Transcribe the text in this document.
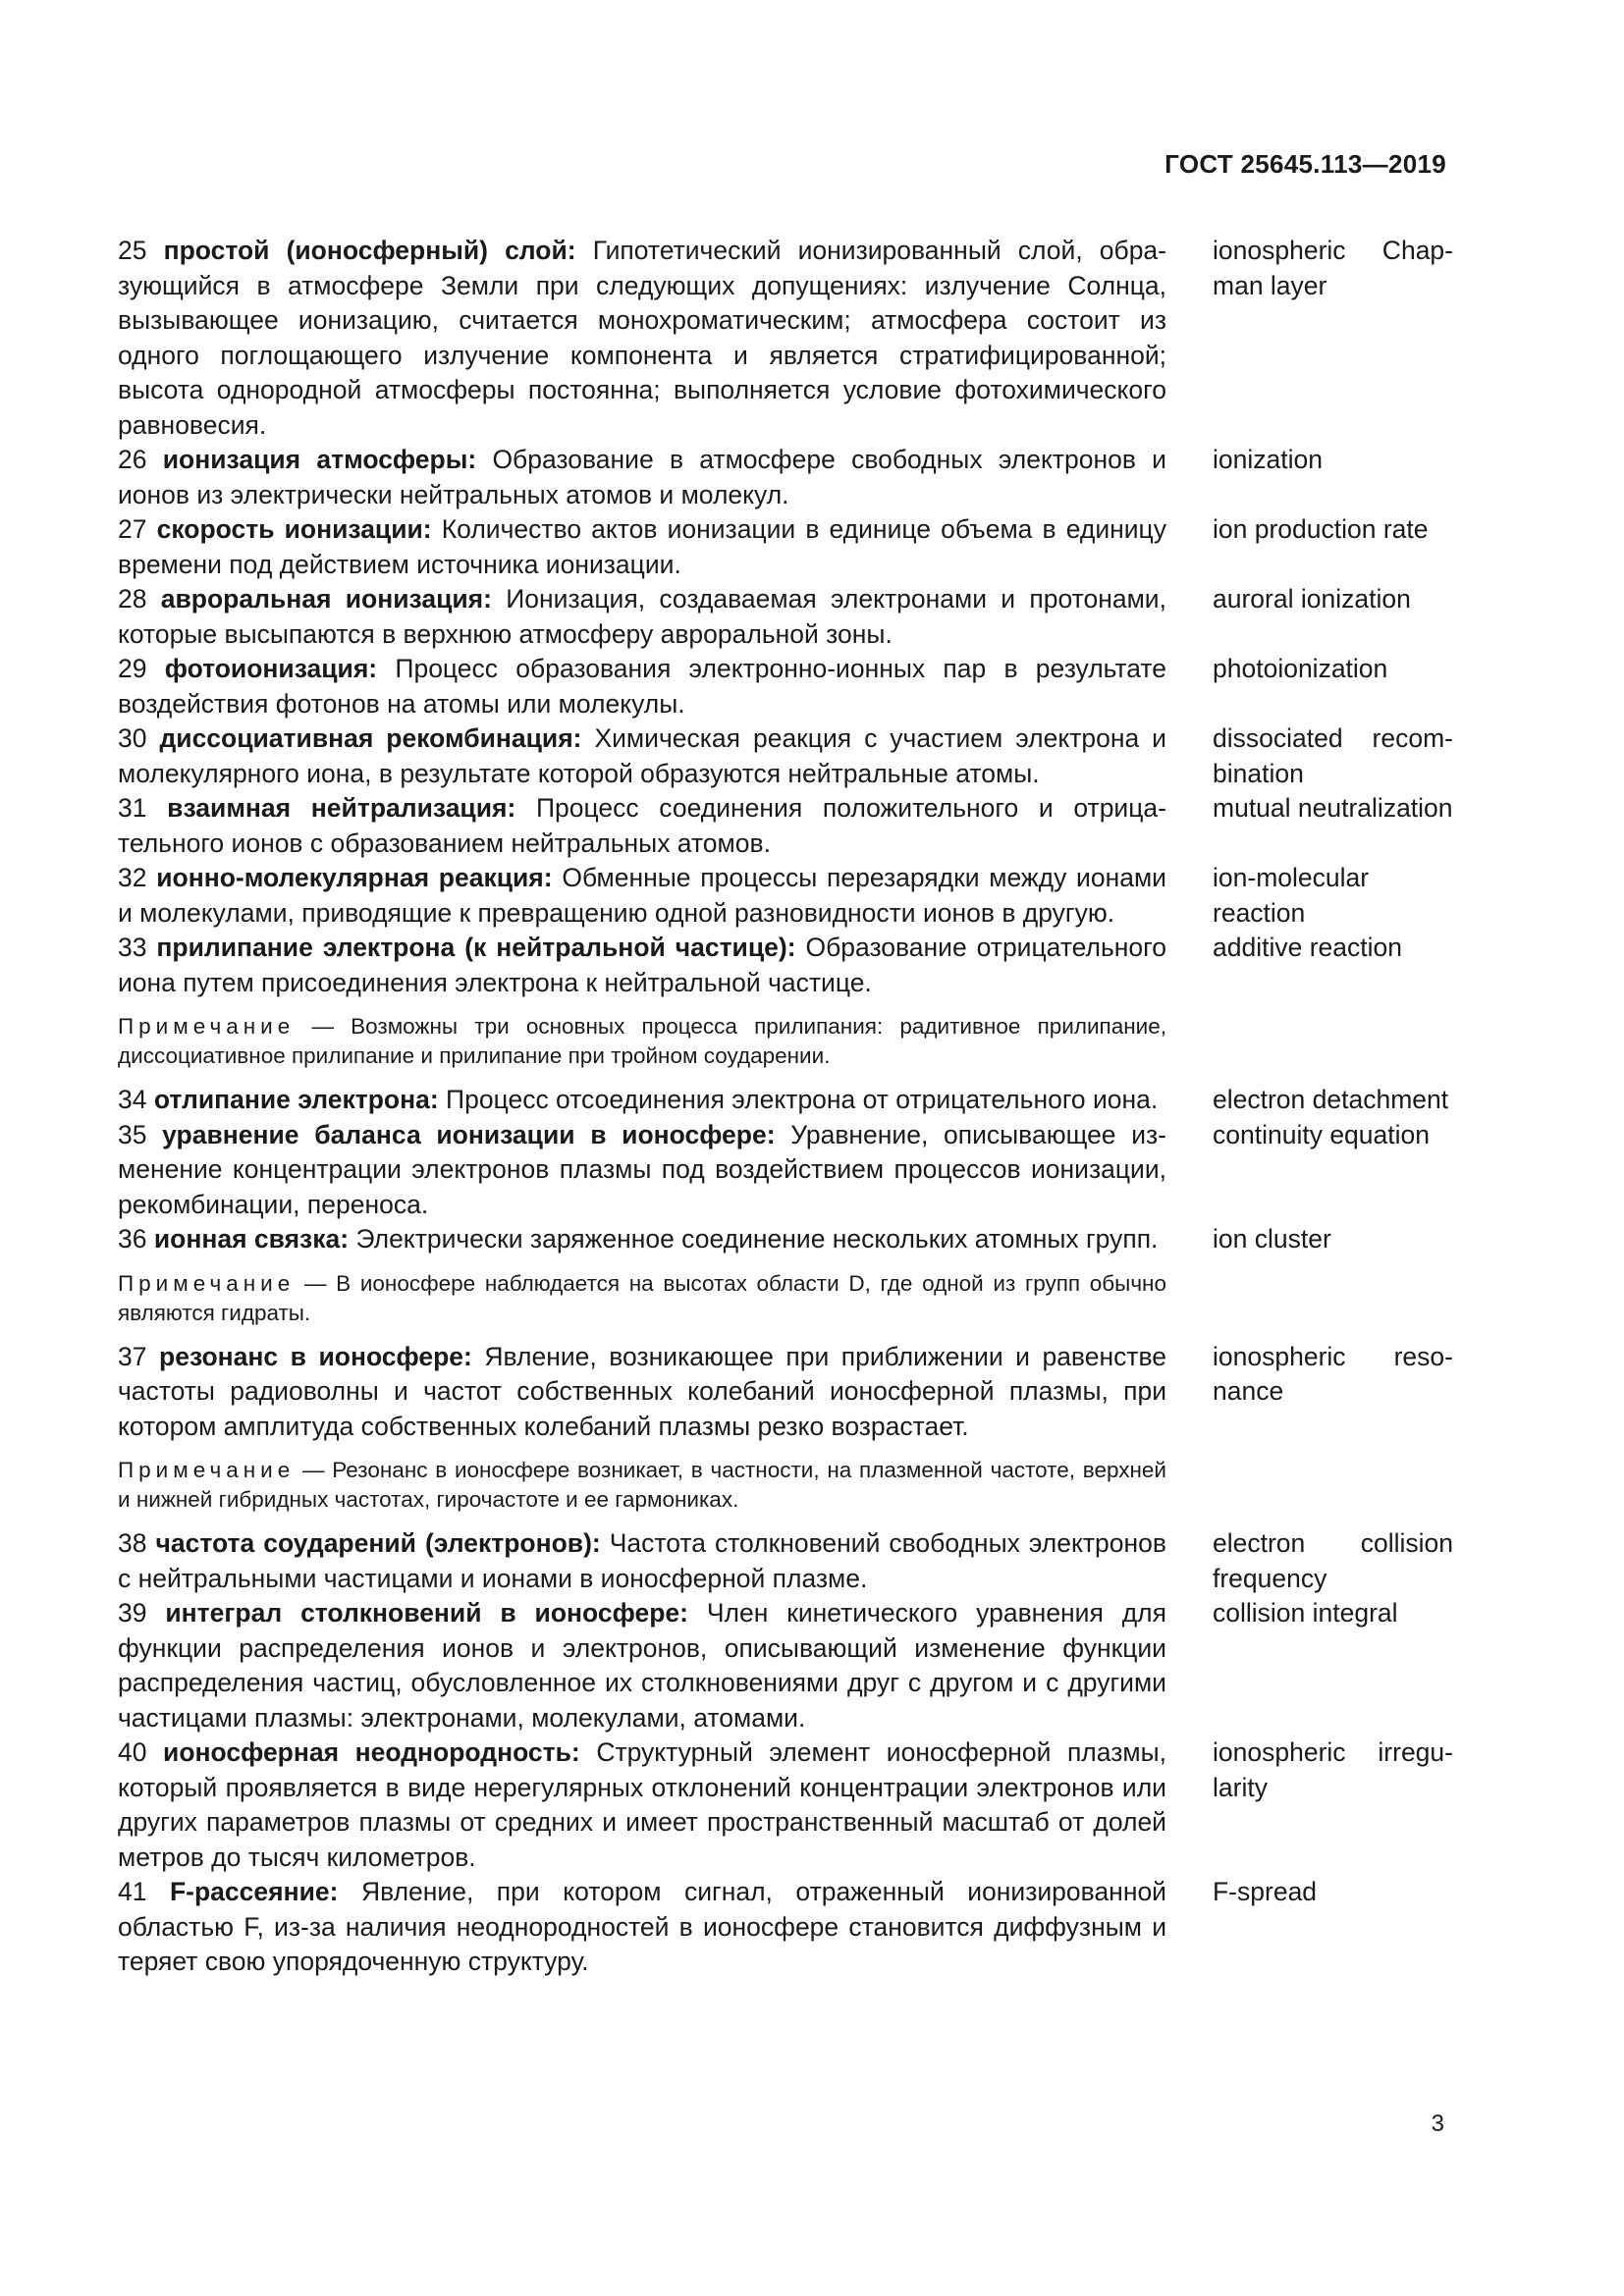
ГОСТ 25645.113—2019
25 простой (ионосферный) слой: Гипотетический ионизированный слой, образующийся в атмосфере Земли при следующих допущениях: излучение Солнца, вызывающее ионизацию, считается монохроматическим; атмосфера состоит из одного поглощающего излучение компонента и является стратифицированной; высота однородной атмосферы постоянна; выполняется условие фотохимического равновесия.
ionospheric Chapman layer
26 ионизация атмосферы: Образование в атмосфере свободных электронов и ионов из электрически нейтральных атомов и молекул.
ionization
27 скорость ионизации: Количество актов ионизации в единице объема в единицу времени под действием источника ионизации.
ion production rate
28 авроральная ионизация: Ионизация, создаваемая электронами и протонами, которые высыпаются в верхнюю атмосферу авроральной зоны.
auroral ionization
29 фотоионизация: Процесс образования электронно-ионных пар в результате воздействия фотонов на атомы или молекулы.
photoionization
30 диссоциативная рекомбинация: Химическая реакция с участием электрона и молекулярного иона, в результате которой образуются нейтральные атомы.
dissociated recombination
31 взаимная нейтрализация: Процесс соединения положительного и отрицательного ионов с образованием нейтральных атомов.
mutual neutralization
32 ионно-молекулярная реакция: Обменные процессы перезарядки между ионами и молекулами, приводящие к превращению одной разновидности ионов в другую.
ion-molecular reaction
33 прилипание электрона (к нейтральной частице): Образование отрицательного иона путем присоединения электрона к нейтральной частице.
additive reaction
Примечание — Возможны три основных процесса прилипания: радитивное прилипание, диссоциативное прилипание и прилипание при тройном соударении.
34 отлипание электрона: Процесс отсоединения электрона от отрицательного иона.	electron detachment
35 уравнение баланса ионизации в ионосфере: Уравнение, описывающее изменение концентрации электронов плазмы под воздействием процессов ионизации, рекомбинации, переноса.
continuity equation
36 ионная связка: Электрически заряженное соединение нескольких атомных групп.	ion cluster
Примечание — В ионосфере наблюдается на высотах области D, где одной из групп обычно являются гидраты.
37 резонанс в ионосфере: Явление, возникающее при приближении и равенстве частоты радиоволны и частот собственных колебаний ионосферной плазмы, при котором амплитуда собственных колебаний плазмы резко возрастает.
ionospheric resonance
Примечание — Резонанс в ионосфере возникает, в частности, на плазменной частоте, верхней и нижней гибридных частотах, гирочастоте и ее гармониках.
38 частота соударений (электронов): Частота столкновений свободных электронов с нейтральными частицами и ионами в ионосферной плазме.
electron collision frequency
39 интеграл столкновений в ионосфере: Член кинетического уравнения для функции распределения ионов и электронов, описывающий изменение функции распределения частиц, обусловленное их столкновениями друг с другом и с другими частицами плазмы: электронами, молекулами, атомами.
collision integral
40 ионосферная неоднородность: Структурный элемент ионосферной плазмы, который проявляется в виде нерегулярных отклонений концентрации электронов или других параметров плазмы от средних и имеет пространственный масштаб от долей метров до тысяч километров.
ionospheric irregularity
41 F-рассеяние: Явление, при котором сигнал, отраженный ионизированной областью F, из-за наличия неоднородностей в ионосфере становится диффузным и теряет свою упорядоченную структуру.
F-spread
3
